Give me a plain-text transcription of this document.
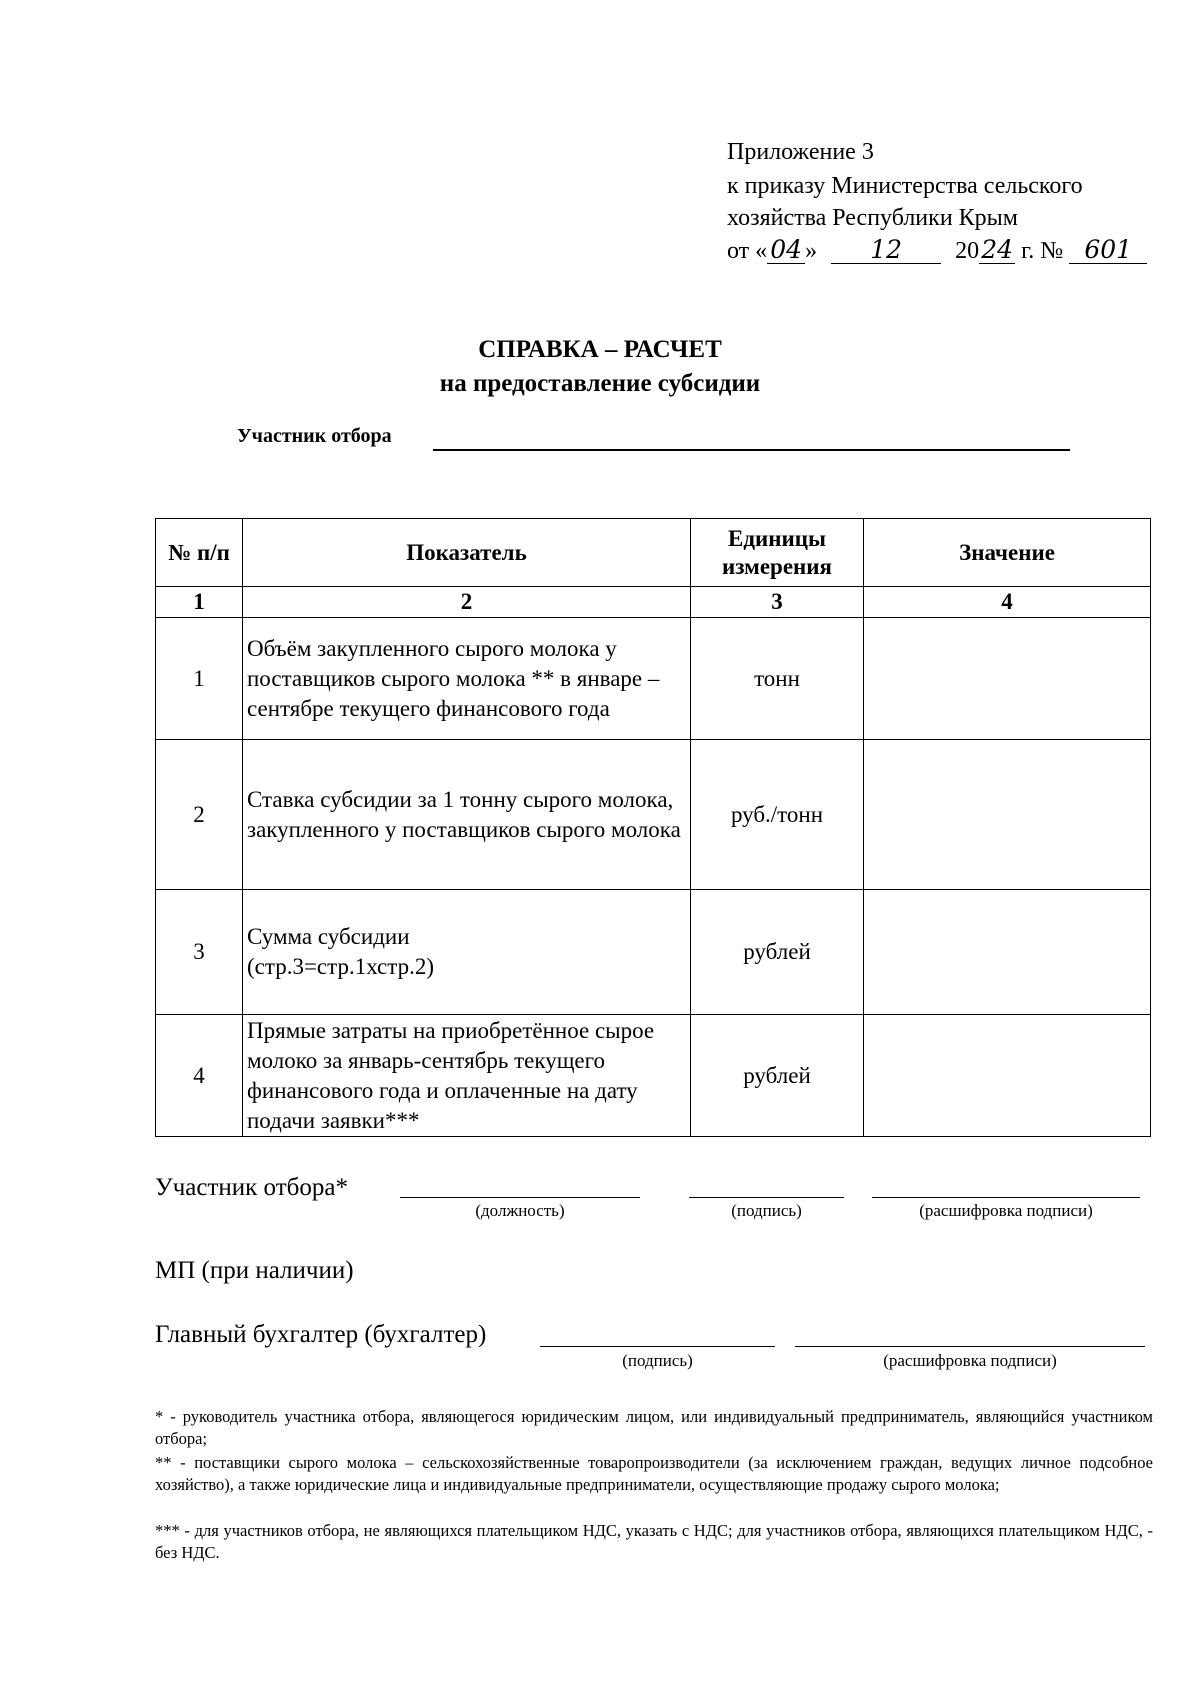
Приложение 3
к приказу Министерства сельского
хозяйства Республики Крым
от « 04 » 12 2024 г. № 601
СПРАВКА – РАСЧЕТ
на предоставление субсидии
Участник отбора
№ п/п	Показатель	Единицы измерения	Значение
1	2	3	4
1	Объём закупленного сырого молока у поставщиков сырого молока ** в январе – сентябре текущего финансового года	тонн	
2	Ставка субсидии за 1 тонну сырого молока, закупленного у поставщиков сырого молока	руб./тонн	
3	Сумма субсидии (стр.3=стр.1хстр.2)	рублей	
4	Прямые затраты на приобретённое сырое молоко за январь-сентябрь текущего финансового года и оплаченные на дату подачи заявки***	рублей	
Участник отбора*
(должность)	(подпись)	(расшифровка подписи)
МП (при наличии)
Главный бухгалтер (бухгалтер)
(подпись)	(расшифровка подписи)
* - руководитель участника отбора, являющегося юридическим лицом, или индивидуальный предприниматель, являющийся участником отбора;
** - поставщики сырого молока – сельскохозяйственные товаропроизводители (за исключением граждан, ведущих личное подсобное хозяйство), а также юридические лица и индивидуальные предприниматели, осуществляющие продажу сырого молока;
*** - для участников отбора, не являющихся плательщиком НДС, указать с НДС; для участников отбора, являющихся плательщиком НДС, - без НДС.
